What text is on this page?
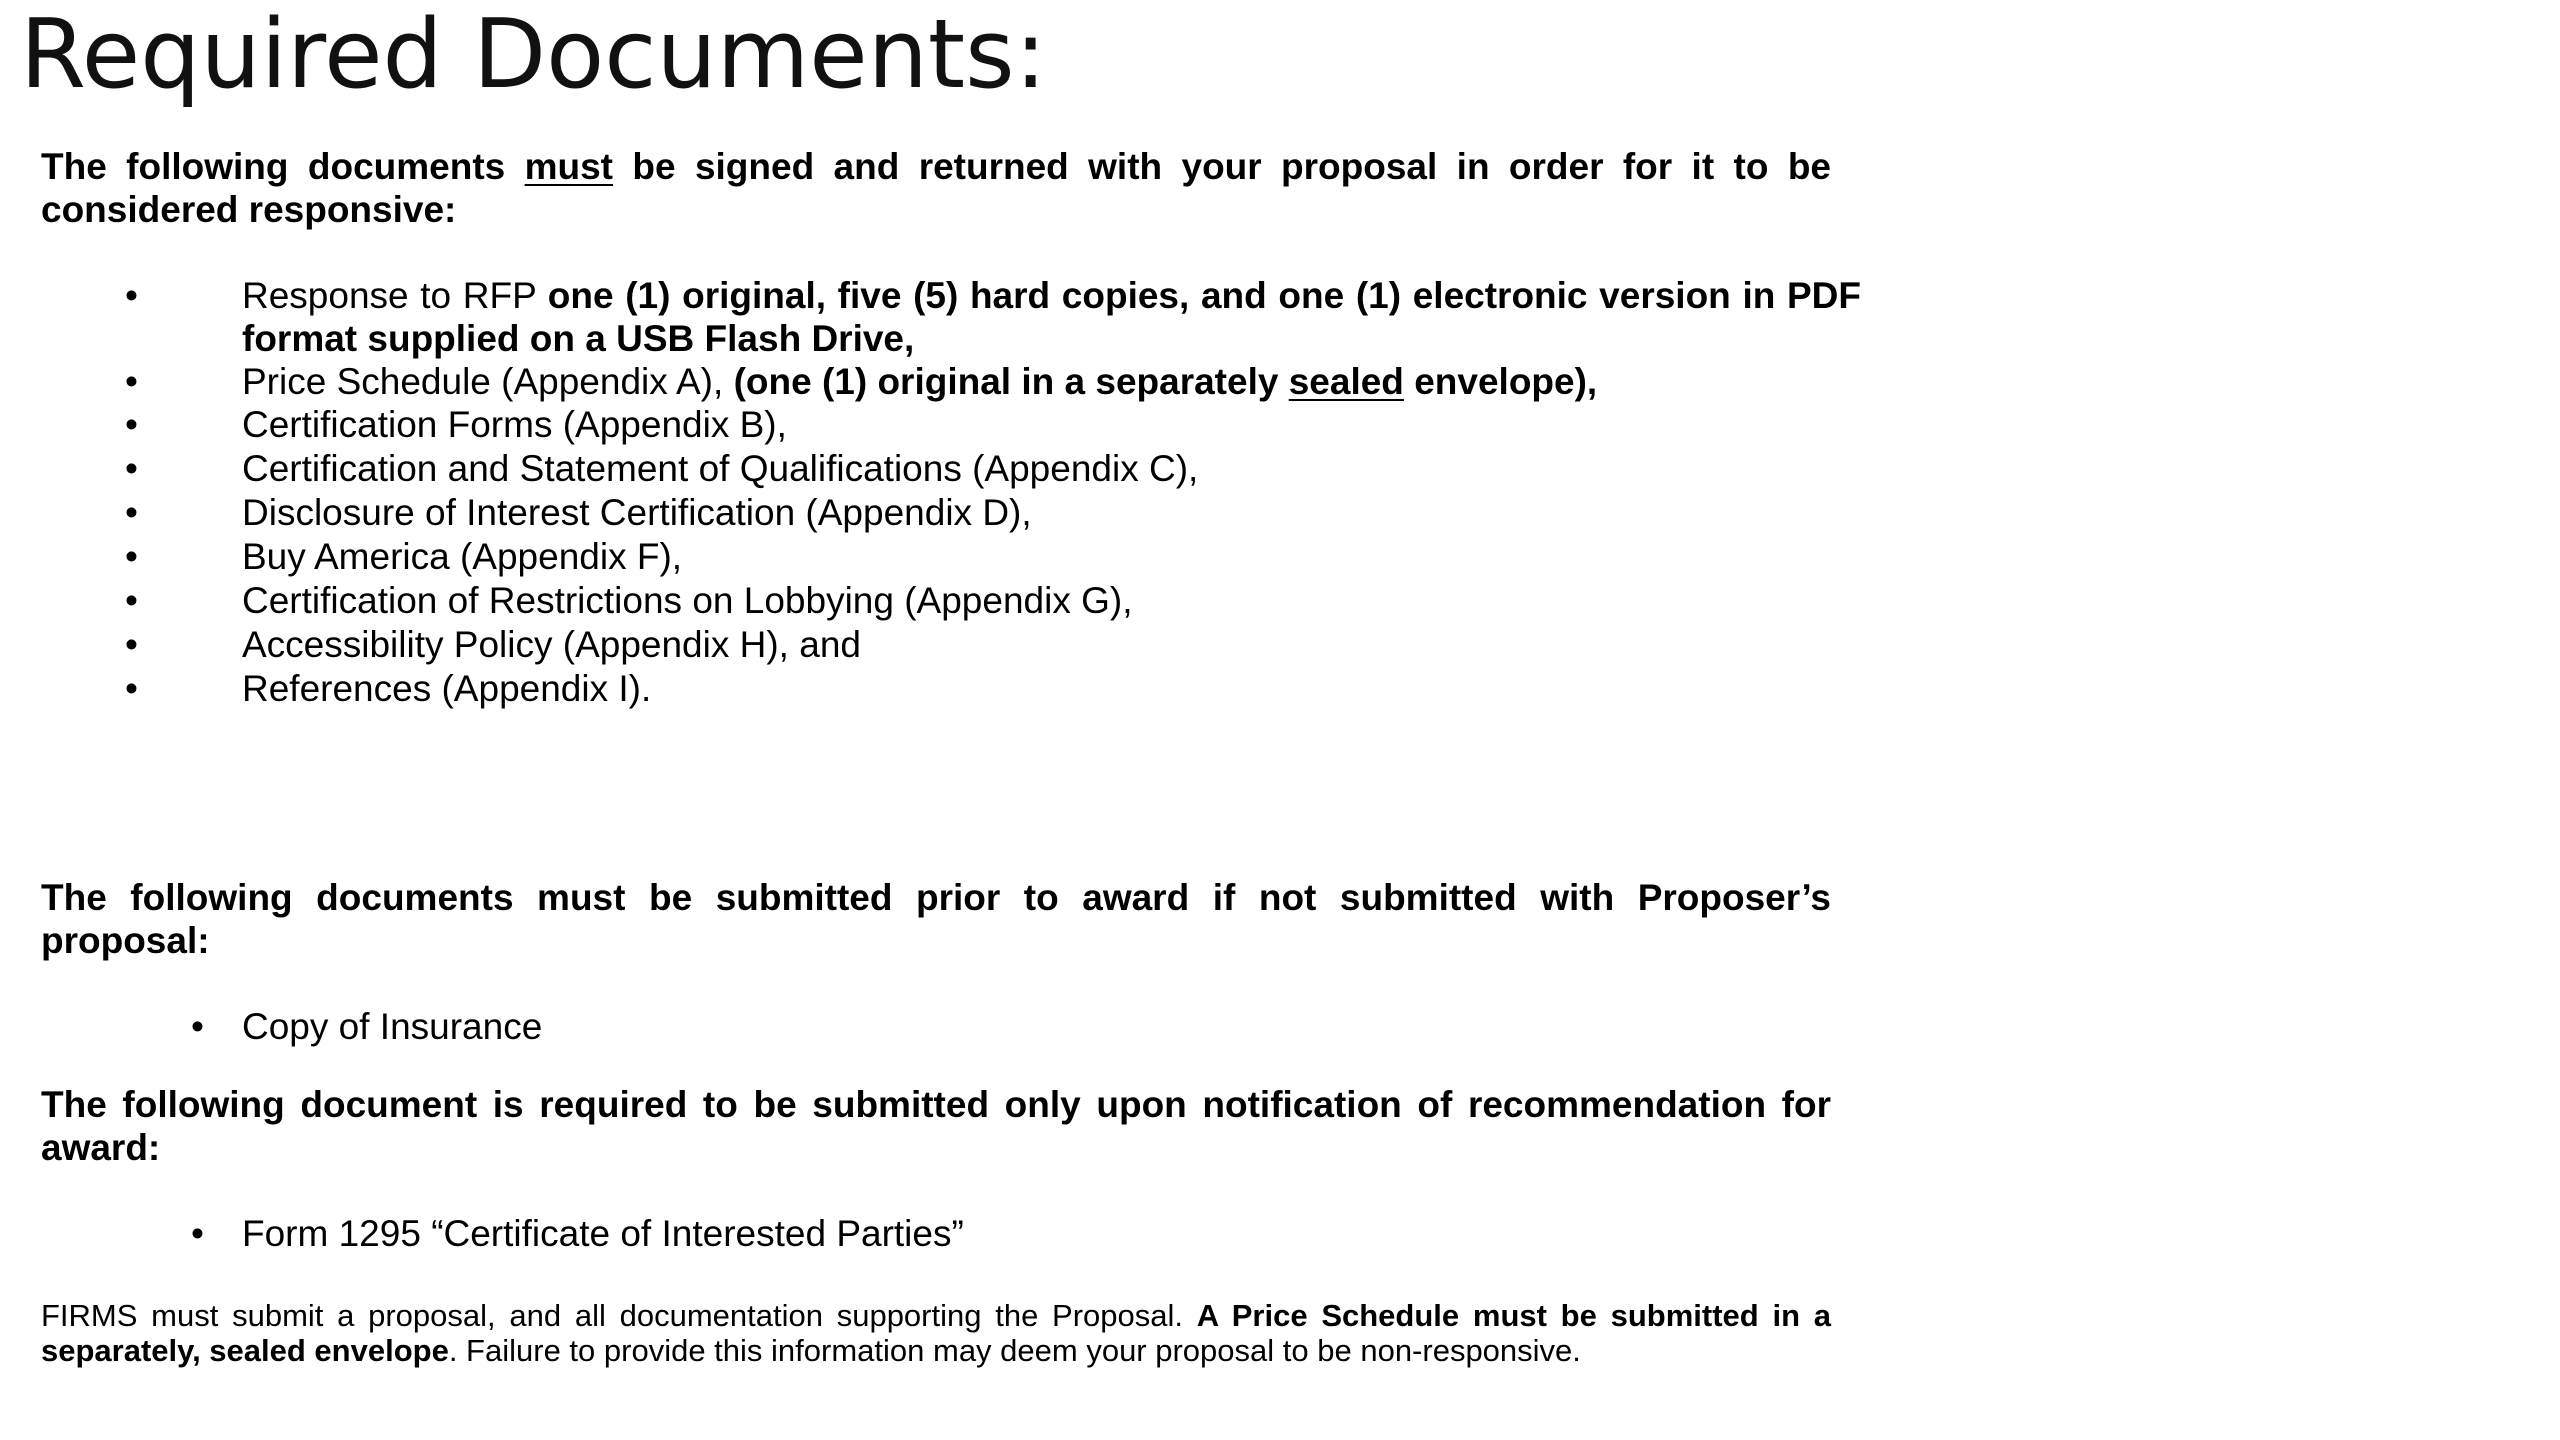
Required Documents:

The following documents must be signed and returned with your proposal in order for it to be considered responsive:

•	Response to RFP one (1) original, five (5) hard copies, and one (1) electronic version in PDF format supplied on a USB Flash Drive,
•	Price Schedule (Appendix A), (one (1) original in a separately sealed envelope),
•	Certification Forms (Appendix B),
•	Certification and Statement of Qualifications (Appendix C),
•	Disclosure of Interest Certification (Appendix D),
•	Buy America (Appendix F),
•	Certification of Restrictions on Lobbying (Appendix G),
•	Accessibility Policy (Appendix H), and
•	References (Appendix I).

The following documents must be submitted prior to award if not submitted with Proposer’s proposal:

• Copy of Insurance

The following document is required to be submitted only upon notification of recommendation for award:

• Form 1295 “Certificate of Interested Parties”

FIRMS must submit a proposal, and all documentation supporting the Proposal. A Price Schedule must be submitted in a separately, sealed envelope. Failure to provide this information may deem your proposal to be non-responsive.
